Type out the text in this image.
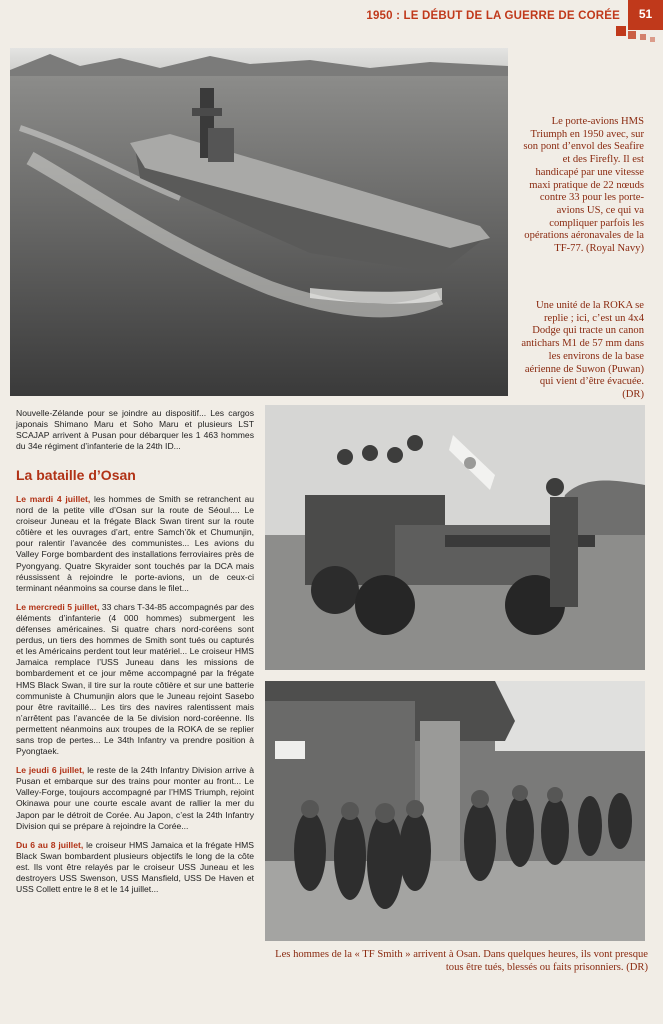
1950 : LE DÉBUT DE LA GUERRE DE CORÉE	51
Le porte-avions HMS Triumph en 1950 avec, sur son pont d’envol des Seafire et des Firefly. Il est handicapé par une vitesse maxi pratique de 22 nœuds contre 33 pour les porte-avions US, ce qui va compliquer parfois les opérations aéronavales de la TF-77. (Royal Navy)
Une unité de la ROKA se replie ; ici, c’est un 4x4 Dodge qui tracte un canon antichars M1 de 57 mm dans les environs de la base aérienne de Suwon (Puwan) qui vient d’être évacuée. (DR)

Nouvelle-Zélande pour se joindre au dispositif... Les cargos japonais Shimano Maru et Soho Maru et plusieurs LST SCAJAP arrivent à Pusan pour débarquer les 1 463 hommes du 34e régiment d’infanterie de la 24th ID...

La bataille d’Osan

Le mardi 4 juillet, les hommes de Smith se retranchent au nord de la petite ville d’Osan sur la route de Séoul.... Le croiseur Juneau et la frégate Black Swan tirent sur la route côtière et les ouvrages d’art, entre Samch’ŏk et Chumunjin, pour ralentir l’avancée des communistes... Les avions du Valley Forge bombardent des installations ferroviaires près de Pyongyang. Quatre Skyraider sont touchés par la DCA mais réussissent à rejoindre le porte-avions, un de ceux-ci terminant néanmoins sa course dans le filet...

Le mercredi 5 juillet, 33 chars T-34-85 accompagnés par des éléments d’infanterie (4 000 hommes) submergent les défenses américaines. Si quatre chars nord-coréens sont perdus, un tiers des hommes de Smith sont tués ou capturés et les Américains perdent tout leur matériel... Le croiseur HMS Jamaica remplace l’USS Juneau dans les missions de bombardement et ce jour même accompagné par la frégate HMS Black Swan, il tire sur la route côtière et sur une batterie communiste à Chumunjin alors que le Juneau rejoint Sasebo pour être ravitaillé... Les tirs des navires ralentissent mais n’arrêtent pas l’avancée de la 5e division nord-coréenne. Ils permettent néanmoins aux troupes de la ROKA de se replier sans trop de pertes... Le 34th Infantry va prendre position à Pyongtaek.

Le jeudi 6 juillet, le reste de la 24th Infantry Division arrive à Pusan et embarque sur des trains pour monter au front... Le Valley-Forge, toujours accompagné par l’HMS Triumph, rejoint Okinawa pour une courte escale avant de rallier la mer du Japon par le détroit de Corée. Au Japon, c’est la 24th Infantry Division qui se prépare à rejoindre la Corée...

Du 6 au 8 juillet, le croiseur HMS Jamaica et la frégate HMS Black Swan bombardent plusieurs objectifs le long de la côte est. Ils vont être relayés par le croiseur USS Juneau et les destroyers USS Swenson, USS Mansfield, USS De Haven et USS Collett entre le 8 et le 14 juillet...

Les hommes de la « TF Smith » arrivent à Osan. Dans quelques heures, ils vont presque tous être tués, blessés ou faits prisonniers. (DR)
